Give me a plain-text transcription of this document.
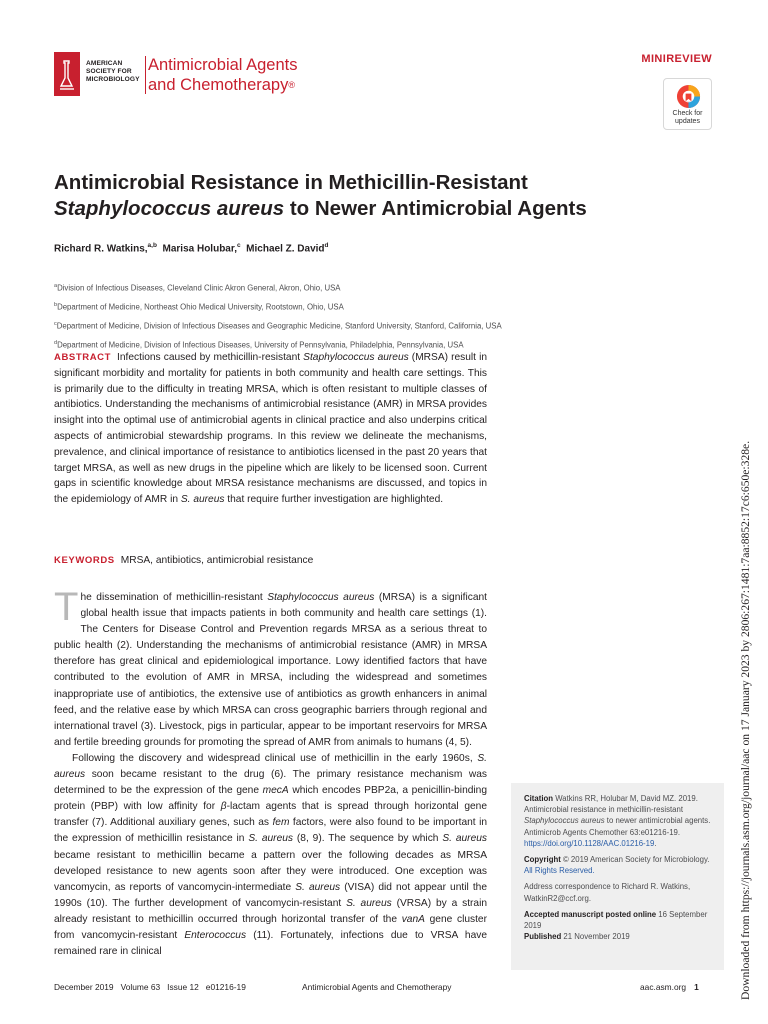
AMERICAN
SOCIETY FOR
MICROBIOLOGY
Antimicrobial Agents
and Chemotherapy®
MINIREVIEW
Check for
updates
Antimicrobial Resistance in Methicillin-Resistant
Staphylococcus aureus to Newer Antimicrobial Agents
Richard R. Watkins,$^{a,b}$ Marisa Holubar,$^c$ Michael Z. David$^d$
$^a$Division of Infectious Diseases, Cleveland Clinic Akron General, Akron, Ohio, USA
$^b$Department of Medicine, Northeast Ohio Medical University, Rootstown, Ohio, USA
$^c$Department of Medicine, Division of Infectious Diseases and Geographic Medicine, Stanford University, Stanford, California, USA
$^d$Department of Medicine, Division of Infectious Diseases, University of Pennsylvania, Philadelphia, Pennsylvania, USA
ABSTRACT Infections caused by methicillin-resistant Staphylococcus aureus (MRSA) result in significant morbidity and mortality for patients in both community and health care settings. This is primarily due to the difficulty in treating MRSA, which is often resistant to multiple classes of antibiotics. Understanding the mechanisms of antimicrobial resistance (AMR) in MRSA provides insight into the optimal use of antimicrobial agents in clinical practice and also underpins critical aspects of antimicrobial stewardship programs. In this review we delineate the mechanisms, prevalence, and clinical importance of resistance to antibiotics licensed in the past 20 years that target MRSA, as well as new drugs in the pipeline which are likely to be licensed soon. Current gaps in scientific knowledge about MRSA resistance mechanisms are discussed, and topics in the epidemiology of AMR in S. aureus that require further investigation are highlighted.
KEYWORDS MRSA, antibiotics, antimicrobial resistance

The dissemination of methicillin-resistant Staphylococcus aureus (MRSA) is a significant global health issue that impacts patients in both community and health care settings (1). The Centers for Disease Control and Prevention regards MRSA as a serious threat to public health (2). Understanding the mechanisms of antimicrobial resistance (AMR) in MRSA therefore has great clinical and epidemiological importance. Lowy identified factors that have contributed to the evolution of AMR in MRSA, including the widespread and sometimes inappropriate use of antibiotics, the extensive use of antibiotics as growth enhancers in animal feed, and the relative ease by which MRSA can cross geographic barriers through regional and international travel (3). Livestock, pigs in particular, appear to be important reservoirs for MRSA and fertile breeding grounds for promoting the spread of AMR from animals to humans (4, 5).

Following the discovery and widespread clinical use of methicillin in the early 1960s, S. aureus soon became resistant to the drug (6). The primary resistance mechanism was determined to be the expression of the gene mecA which encodes PBP2a, a penicillin-binding protein (PBP) with low affinity for β-lactam agents that is spread through horizontal gene transfer (7). Additional auxiliary genes, such as fem factors, were also found to be important in the expression of methicillin resistance in S. aureus (8, 9). The sequence by which S. aureus became resistant to methicillin became a pattern over the following decades as MRSA developed resistance to new agents soon after they were introduced. One exception was vancomycin, as reports of vancomycin-intermediate S. aureus (VISA) did not appear until the 1990s (10). The further development of vancomycin-resistant S. aureus (VRSA) by a strain already resistant to methicillin occurred through horizontal transfer of the vanA gene cluster from vancomycin-resistant Enterococcus (11). Fortunately, infections due to VRSA have remained rare in clinical

Citation Watkins RR, Holubar M, David MZ. 2019. Antimicrobial resistance in methicillin-resistant Staphylococcus aureus to newer antimicrobial agents. Antimicrob Agents Chemother 63:e01216-19. https://doi.org/10.1128/AAC.01216-19.
Copyright © 2019 American Society for Microbiology. All Rights Reserved.
Address correspondence to Richard R. Watkins, WatkinR2@ccf.org.
Accepted manuscript posted online 16 September 2019
Published 21 November 2019	Downloaded from https://journals.asm.org/journal/aac on 17 January 2023 by 2806:267:1481:7aa:8852:17c6:650e:328e.
December 2019 Volume 63 Issue 12 e01216-19	Antimicrobial Agents and Chemotherapy	aac.asm.org 1
